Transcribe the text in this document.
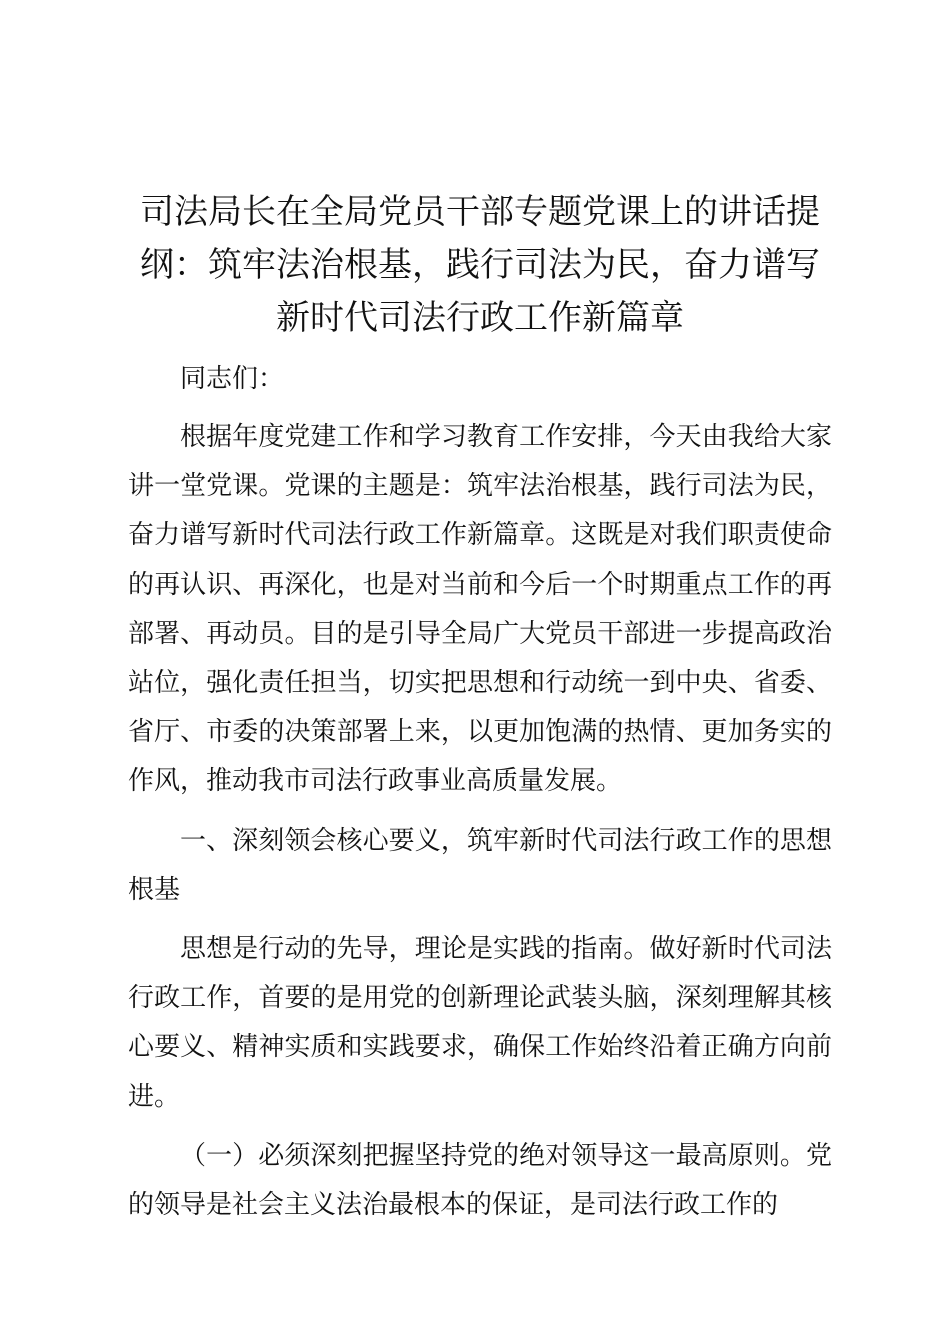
司法局长在全局党员干部专题党课上的讲话提纲：筑牢法治根基，践行司法为民，奋力谱写新时代司法行政工作新篇章

同志们：

根据年度党建工作和学习教育工作安排，今天由我给大家讲一堂党课。党课的主题是：筑牢法治根基，践行司法为民，奋力谱写新时代司法行政工作新篇章。这既是对我们职责使命的再认识、再深化，也是对当前和今后一个时期重点工作的再部署、再动员。目的是引导全局广大党员干部进一步提高政治站位，强化责任担当，切实把思想和行动统一到中央、省委、省厅、市委的决策部署上来，以更加饱满的热情、更加务实的作风，推动我市司法行政事业高质量发展。

一、深刻领会核心要义，筑牢新时代司法行政工作的思想根基

思想是行动的先导，理论是实践的指南。做好新时代司法行政工作，首要的是用党的创新理论武装头脑，深刻理解其核心要义、精神实质和实践要求，确保工作始终沿着正确方向前进。

（一）必须深刻把握坚持党的绝对领导这一最高原则。党的领导是社会主义法治最根本的保证，是司法行政工作的
